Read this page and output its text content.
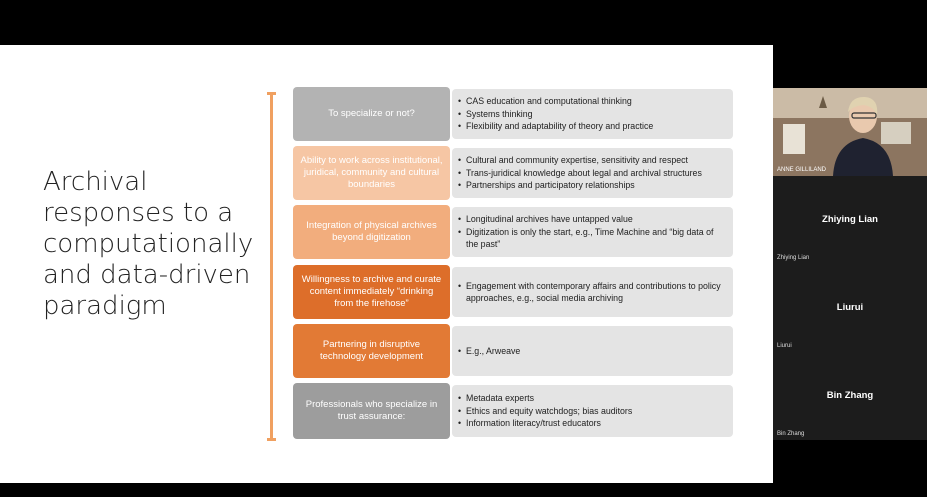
Archival responses to a computationally and data-driven paradigm
To specialize or not?
• CAS education and computational thinking
• Systems thinking
• Flexibility and adaptability of theory and practice
Ability to work across institutional, juridical, community and cultural boundaries
• Cultural and community expertise, sensitivity and respect
• Trans-juridical knowledge about legal and archival structures
• Partnerships and participatory relationships
Integration of physical archives beyond digitization
• Longitudinal archives have untapped value
• Digitization is only the start, e.g., Time Machine and “big data of the past”
Willingness to archive and curate content immediately “drinking from the firehose”
• Engagement with contemporary affairs and contributions to policy approaches, e.g., social media archiving
Partnering in disruptive technology development
• E.g., Arweave
Professionals who specialize in trust assurance:
• Metadata experts
• Ethics and equity watchdogs; bias auditors
• Information literacy/trust educators
ANNE GILLILAND
Zhiying Lian
Zhiying Lian
Liurui
Liurui
Bin Zhang
Bin Zhang
